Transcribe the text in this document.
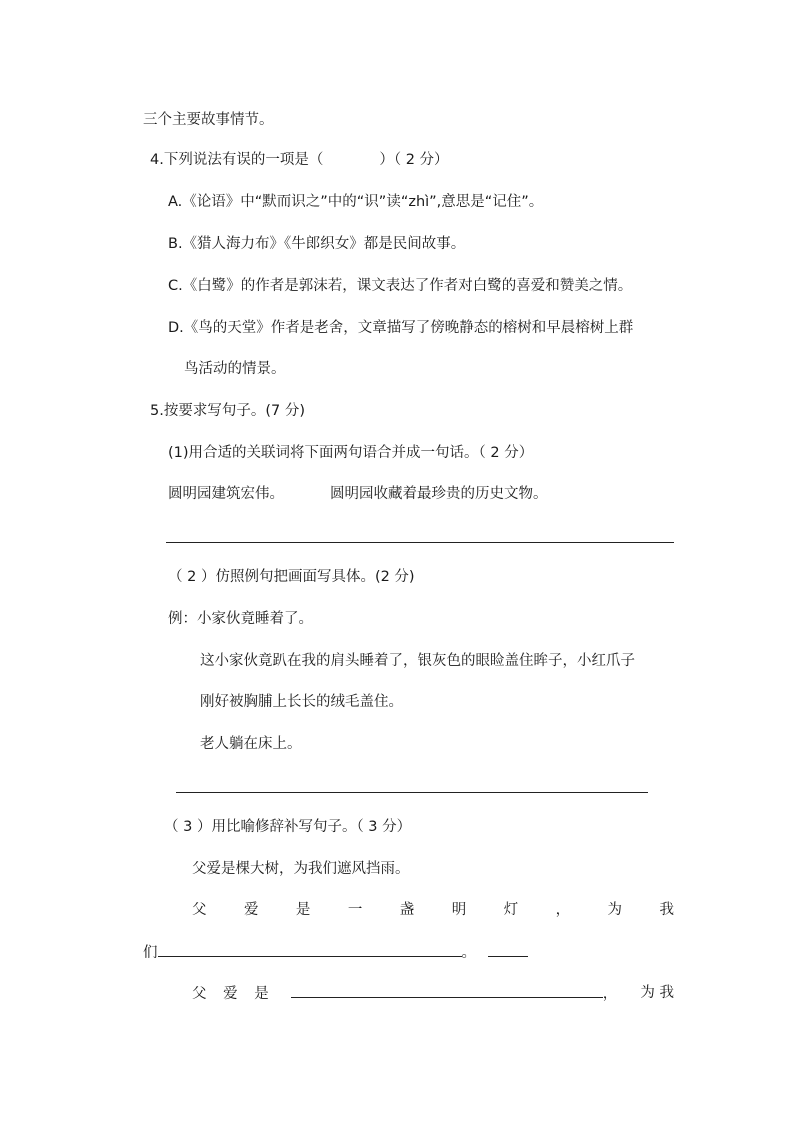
三个主要故事情节。
4.下列说法有误的一项是（	）（ 2 分）
A.《论语》中“默而识之”中的“识”读“zhì”,意思是“记住”。
B.《猎人海力布》《牛郎织女》都是民间故事。
C.《白鹭》的作者是郭沫若，课文表达了作者对白鹭的喜爱和赞美之情。
D.《鸟的天堂》作者是老舍，文章描写了傍晚静态的榕树和早晨榕树上群
鸟活动的情景。
5.按要求写句子。(7 分)
(1)用合适的关联词将下面两句语合并成一句话。（ 2 分）
圆明园建筑宏伟。	圆明园收藏着最珍贵的历史文物。
（ 2 ）仿照例句把画面写具体。(2 分)
例：小家伙竟睡着了。
这小家伙竟趴在我的肩头睡着了，银灰色的眼睑盖住眸子，小红爪子
刚好被胸脯上长长的绒毛盖住。
老人躺在床上。
（ 3 ）用比喻修辞补写句子。（ 3 分）
父爱是棵大树，为我们遮风挡雨。
父	爱	是	一	盏	明	灯	，	为	我
们	。
父 爱 是	， 为 我
